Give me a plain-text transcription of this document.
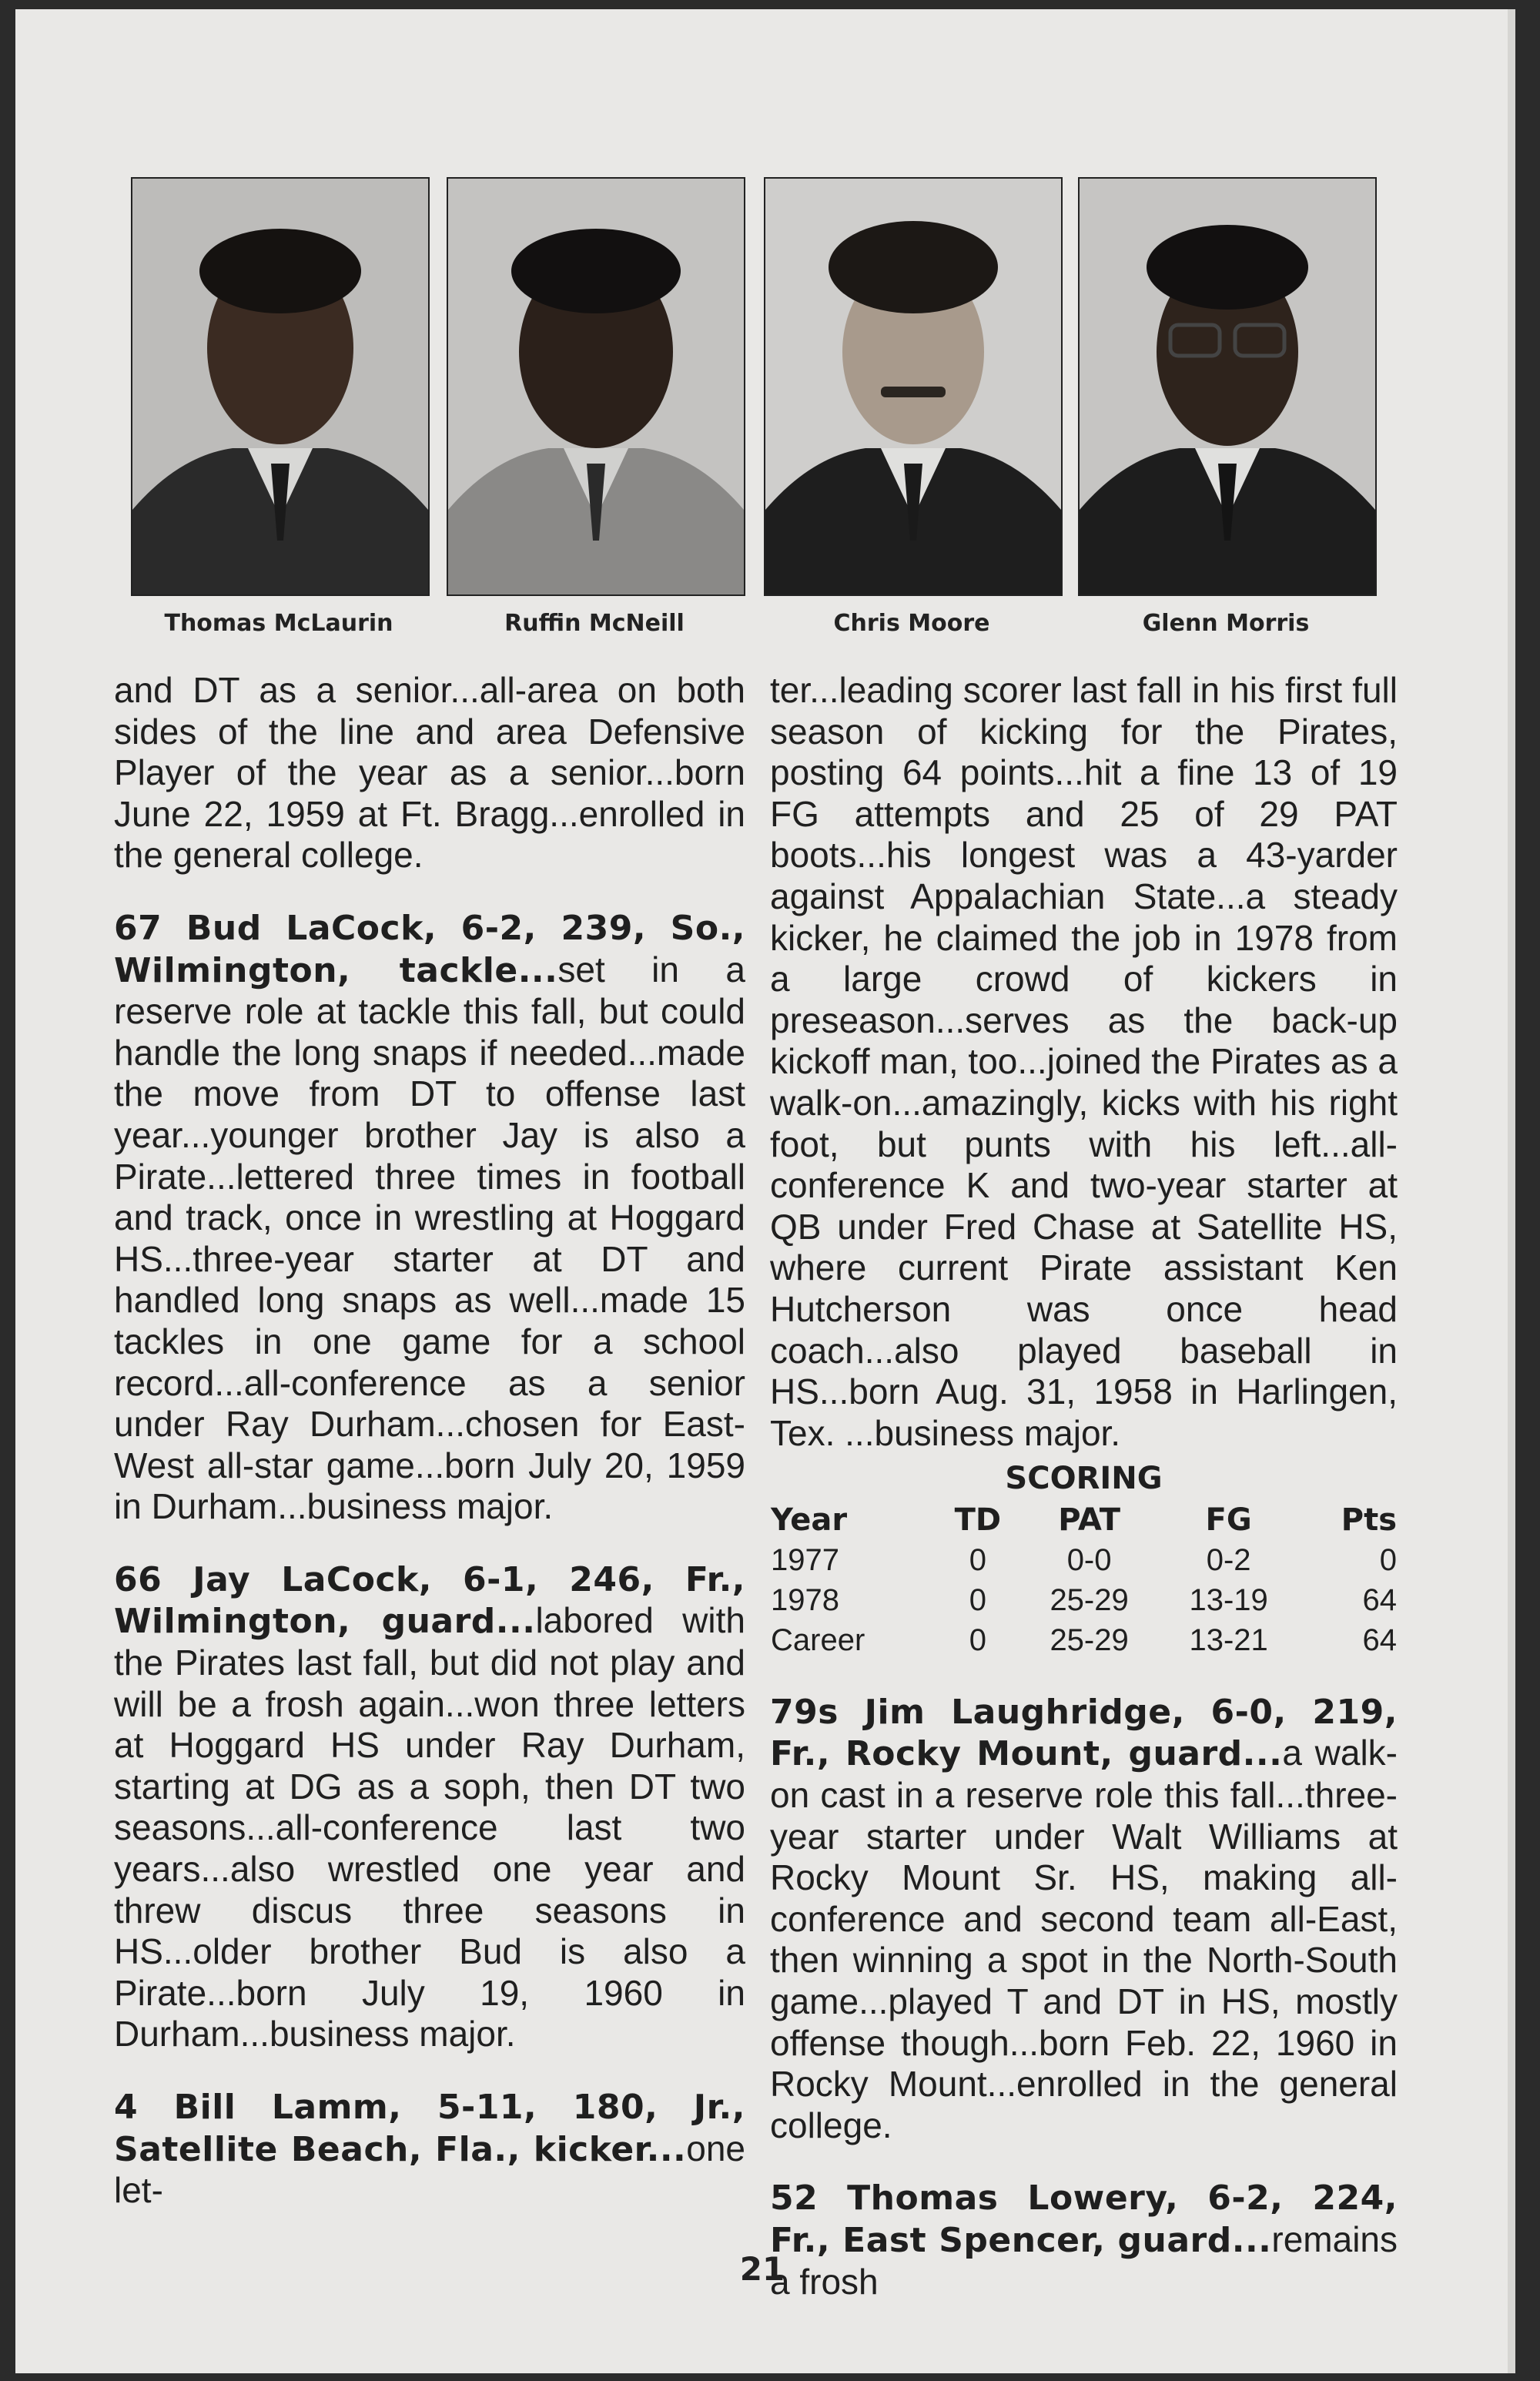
Thomas McLaurin	Ruffin McNeill	Chris Moore	Glenn Morris

and DT as a senior...all-area on both sides of the line and area Defensive Player of the year as a senior...born June 22, 1959 at Ft. Bragg...enrolled in the general college.

67 Bud LaCock, 6-2, 239, So., Wilmington, tackle...set in a reserve role at tackle this fall, but could handle the long snaps if needed...made the move from DT to offense last year...younger brother Jay is also a Pirate...lettered three times in football and track, once in wrestling at Hoggard HS...three-year starter at DT and handled long snaps as well...made 15 tackles in one game for a school record...all-conference as a senior under Ray Durham...chosen for East-West all-star game...born July 20, 1959 in Durham...business major.

66 Jay LaCock, 6-1, 246, Fr., Wilmington, guard...labored with the Pirates last fall, but did not play and will be a frosh again...won three letters at Hoggard HS under Ray Durham, starting at DG as a soph, then DT two seasons...all-conference last two years...also wrestled one year and threw discus three seasons in HS...older brother Bud is also a Pirate...born July 19, 1960 in Durham...business major.

4 Bill Lamm, 5-11, 180, Jr., Satellite Beach, Fla., kicker...one let-

ter...leading scorer last fall in his first full season of kicking for the Pirates, posting 64 points...hit a fine 13 of 19 FG attempts and 25 of 29 PAT boots...his longest was a 43-yarder against Appalachian State...a steady kicker, he claimed the job in 1978 from a large crowd of kickers in preseason...serves as the back-up kickoff man, too...joined the Pirates as a walk-on...amazingly, kicks with his right foot, but punts with his left...all-conference K and two-year starter at QB under Fred Chase at Satellite HS, where current Pirate assistant Ken Hutcherson was once head coach...also played baseball in HS...born Aug. 31, 1958 in Harlingen, Tex. ...business major.

SCORING
Year	TD	PAT	FG	Pts
1977	0	0-0	0-2	0
1978	0	25-29	13-19	64
Career	0	25-29	13-21	64

79s Jim Laughridge, 6-0, 219, Fr., Rocky Mount, guard...a walk-on cast in a reserve role this fall...three-year starter under Walt Williams at Rocky Mount Sr. HS, making all-conference and second team all-East, then winning a spot in the North-South game...played T and DT in HS, mostly offense though...born Feb. 22, 1960 in Rocky Mount...enrolled in the general college.

52 Thomas Lowery, 6-2, 224, Fr., East Spencer, guard...remains a frosh

21
